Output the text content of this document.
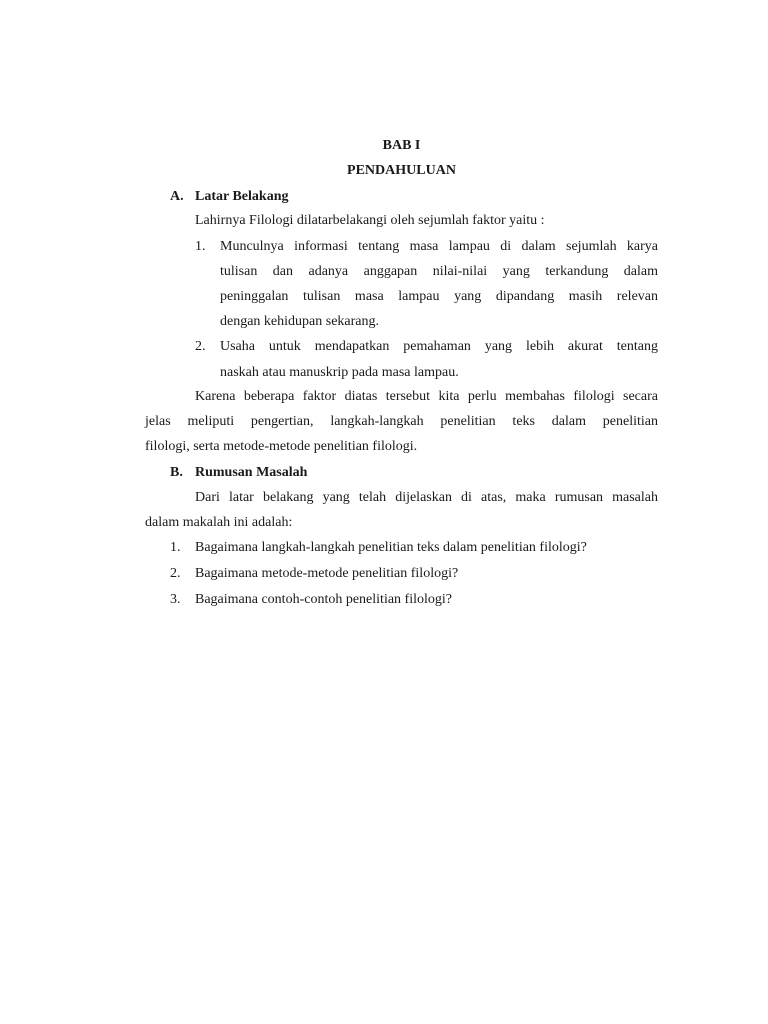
BAB I
PENDAHULUAN
A. Latar Belakang
Lahirnya Filologi dilatarbelakangi oleh sejumlah faktor yaitu :
1. Munculnya informasi tentang masa lampau di dalam sejumlah karya
tulisan dan adanya anggapan nilai-nilai yang terkandung dalam
peninggalan tulisan masa lampau yang dipandang masih relevan
dengan kehidupan sekarang.
2. Usaha untuk mendapatkan pemahaman yang lebih akurat tentang
naskah atau manuskrip pada masa lampau.
Karena beberapa faktor diatas tersebut kita perlu membahas filologi secara
jelas meliputi pengertian, langkah-langkah penelitian teks dalam penelitian
filologi, serta metode-metode penelitian filologi.
B. Rumusan Masalah
Dari latar belakang yang telah dijelaskan di atas, maka rumusan masalah
dalam makalah ini adalah:
1. Bagaimana langkah-langkah penelitian teks dalam penelitian filologi?
2. Bagaimana metode-metode penelitian filologi?
3. Bagaimana contoh-contoh penelitian filologi?
